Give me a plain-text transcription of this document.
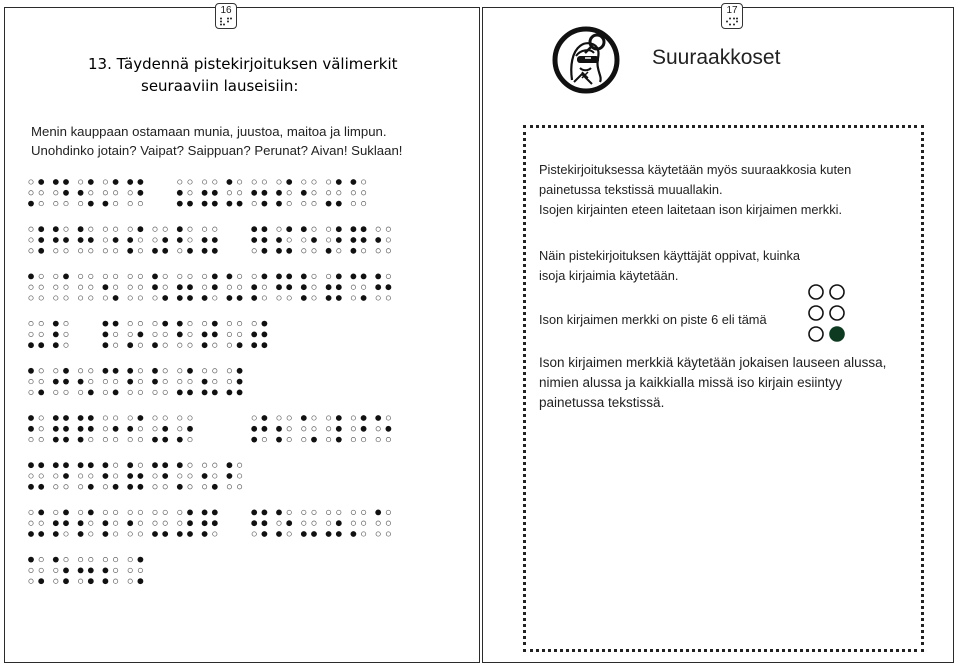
16	17
13. Täydennä pistekirjoituksen välimerkit
seuraaviin lauseisiin:
Menin kauppaan ostamaan munia, juustoa, maitoa ja limpun.
Unohdinko jotain? Vaipat? Saippuan? Perunat? Aivan! Suklaan!
Suuraakkoset
Pistekirjoituksessa käytetään myös suuraakkosia kuten
painetussa tekstissä muuallakin.
Isojen kirjainten eteen laitetaan ison kirjaimen merkki.
Näin pistekirjoituksen käyttäjät oppivat, kuinka
isoja kirjaimia käytetään.
Ison kirjaimen merkki on piste 6 eli tämä
Ison kirjaimen merkkiä käytetään jokaisen lauseen alussa,
nimien alussa ja kaikkialla missä iso kirjain esiintyy
painetussa tekstissä.
